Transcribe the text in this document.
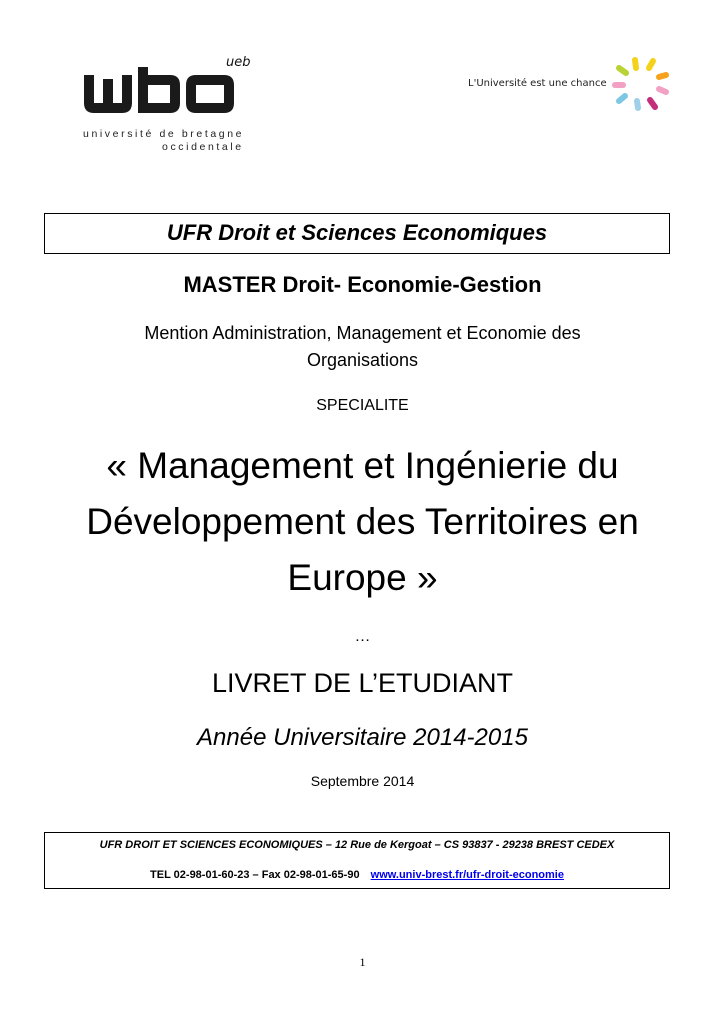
ueb
université de bretagne
occidentale
L'Université est une chance
UFR Droit et Sciences Economiques
MASTER Droit- Economie-Gestion
Mention Administration, Management et Economie des Organisations
SPECIALITE
« Management et Ingénierie du Développement des Territoires en Europe »
…
LIVRET DE L’ETUDIANT
Année Universitaire 2014-2015
Septembre 2014
UFR DROIT ET SCIENCES ECONOMIQUES – 12 Rue de Kergoat – CS 93837 - 29238 BREST CEDEX
TEL 02-98-01-60-23 – Fax 02-98-01-65-90 www.univ-brest.fr/ufr-droit-economie
1
